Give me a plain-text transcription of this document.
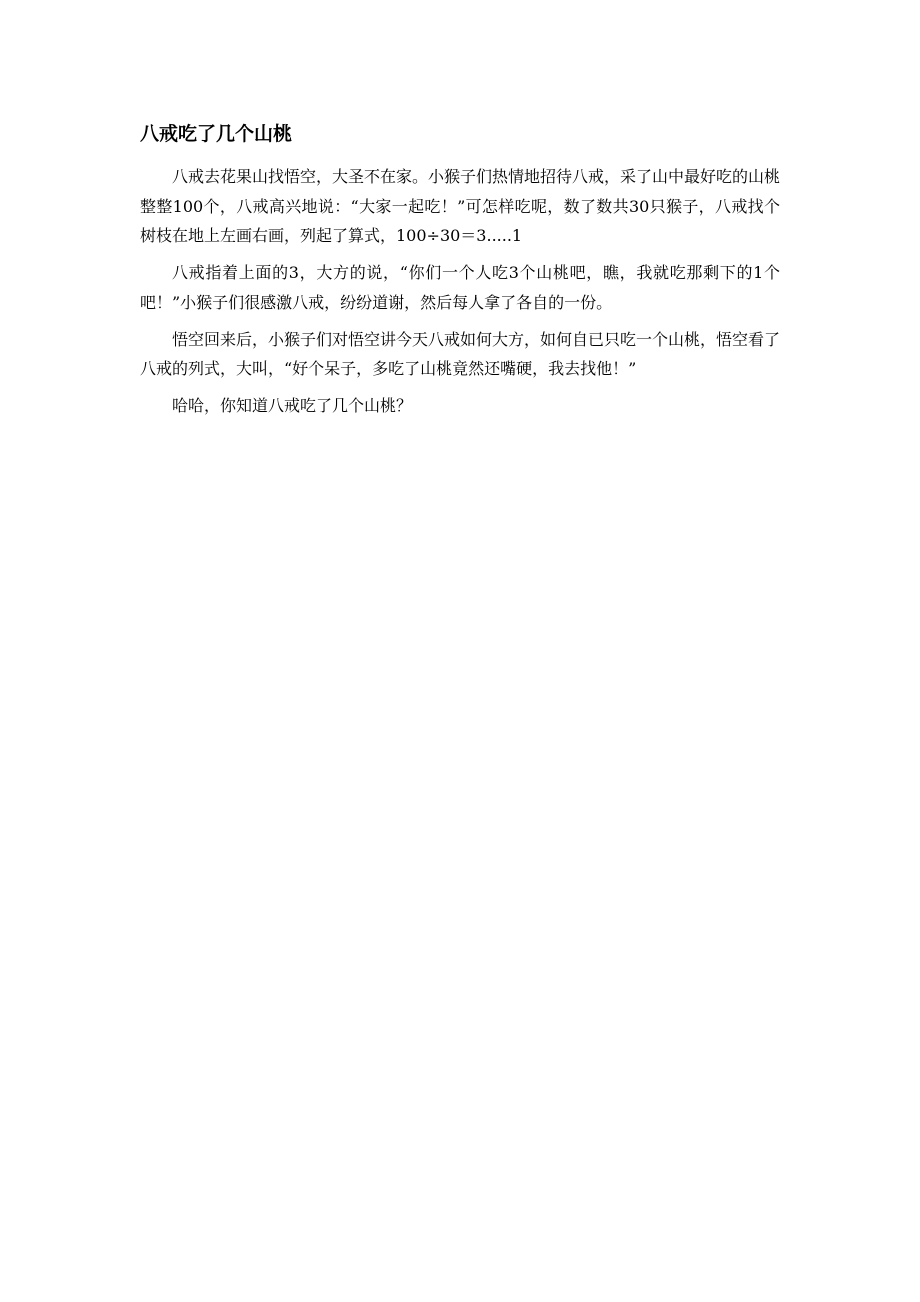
八戒吃了几个山桃

八戒去花果山找悟空，大圣不在家。小猴子们热情地招待八戒，采了山中最好吃的山桃整整100个，八戒高兴地说：“大家一起吃！”可怎样吃呢，数了数共30只猴子，八戒找个树枝在地上左画右画，列起了算式，100÷30＝3.....1

八戒指着上面的3，大方的说，“你们一个人吃3个山桃吧，瞧，我就吃那剩下的1个吧！”小猴子们很感激八戒，纷纷道谢，然后每人拿了各自的一份。

悟空回来后，小猴子们对悟空讲今天八戒如何大方，如何自已只吃一个山桃，悟空看了八戒的列式，大叫，“好个呆子，多吃了山桃竟然还嘴硬，我去找他！”

哈哈，你知道八戒吃了几个山桃？
